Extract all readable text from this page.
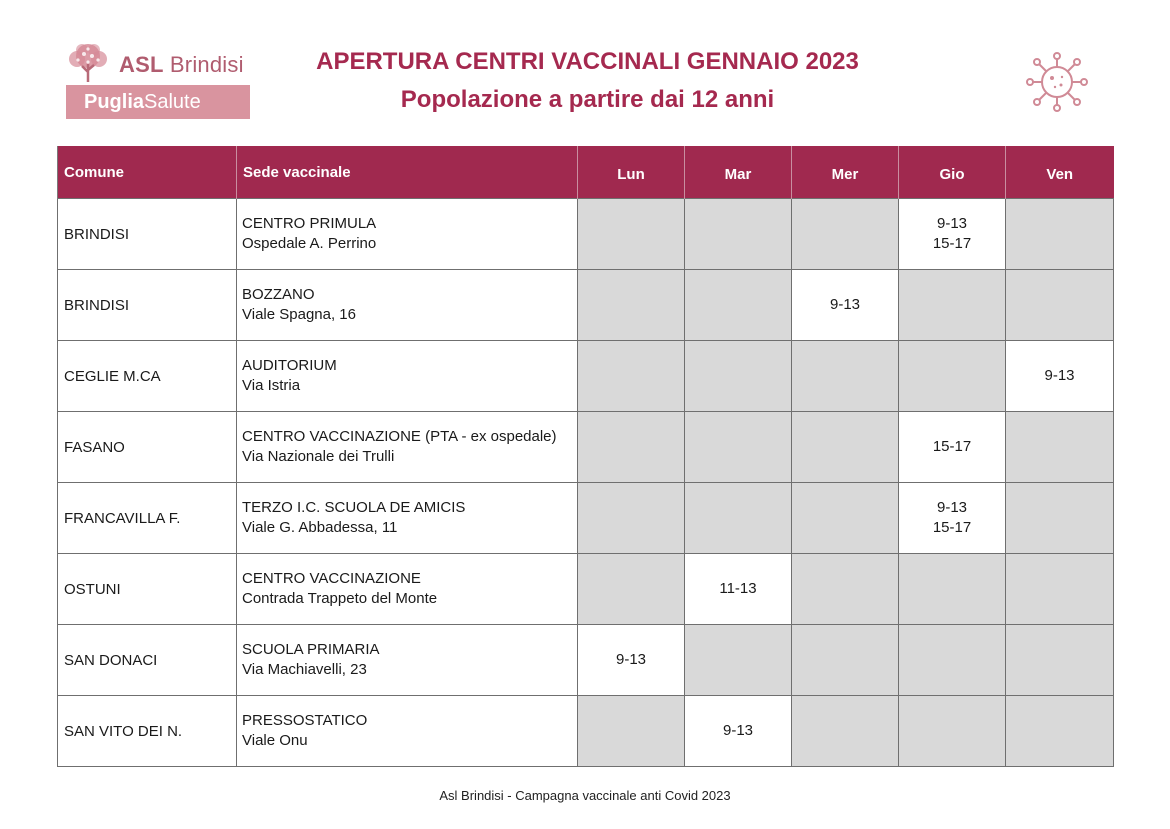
ASL Brindisi
PugliaSalute
APERTURA CENTRI VACCINALI GENNAIO 2023
Popolazione a partire dai 12 anni
Comune	Sede vaccinale	Lun	Mar	Mer	Gio	Ven
BRINDISI	CENTRO PRIMULA
Ospedale A. Perrino				9-13
15-17	

BRINDISI	BOZZANO
Viale Spagna, 16			9-13		

CEGLIE M.CA	AUDITORIUM
Via Istria					9-13

FASANO	CENTRO VACCINAZIONE (PTA - ex ospedale)
Via Nazionale dei Trulli				15-17	

FRANCAVILLA F.	TERZO I.C. SCUOLA DE AMICIS
Viale G. Abbadessa, 11				9-13
15-17	

OSTUNI	CENTRO VACCINAZIONE
Contrada Trappeto del Monte		11-13			

SAN DONACI	SCUOLA PRIMARIA
Via Machiavelli, 23	9-13				

SAN VITO DEI N.	PRESSOSTATICO
Viale Onu		9-13			

Asl Brindisi - Campagna vaccinale anti Covid 2023
